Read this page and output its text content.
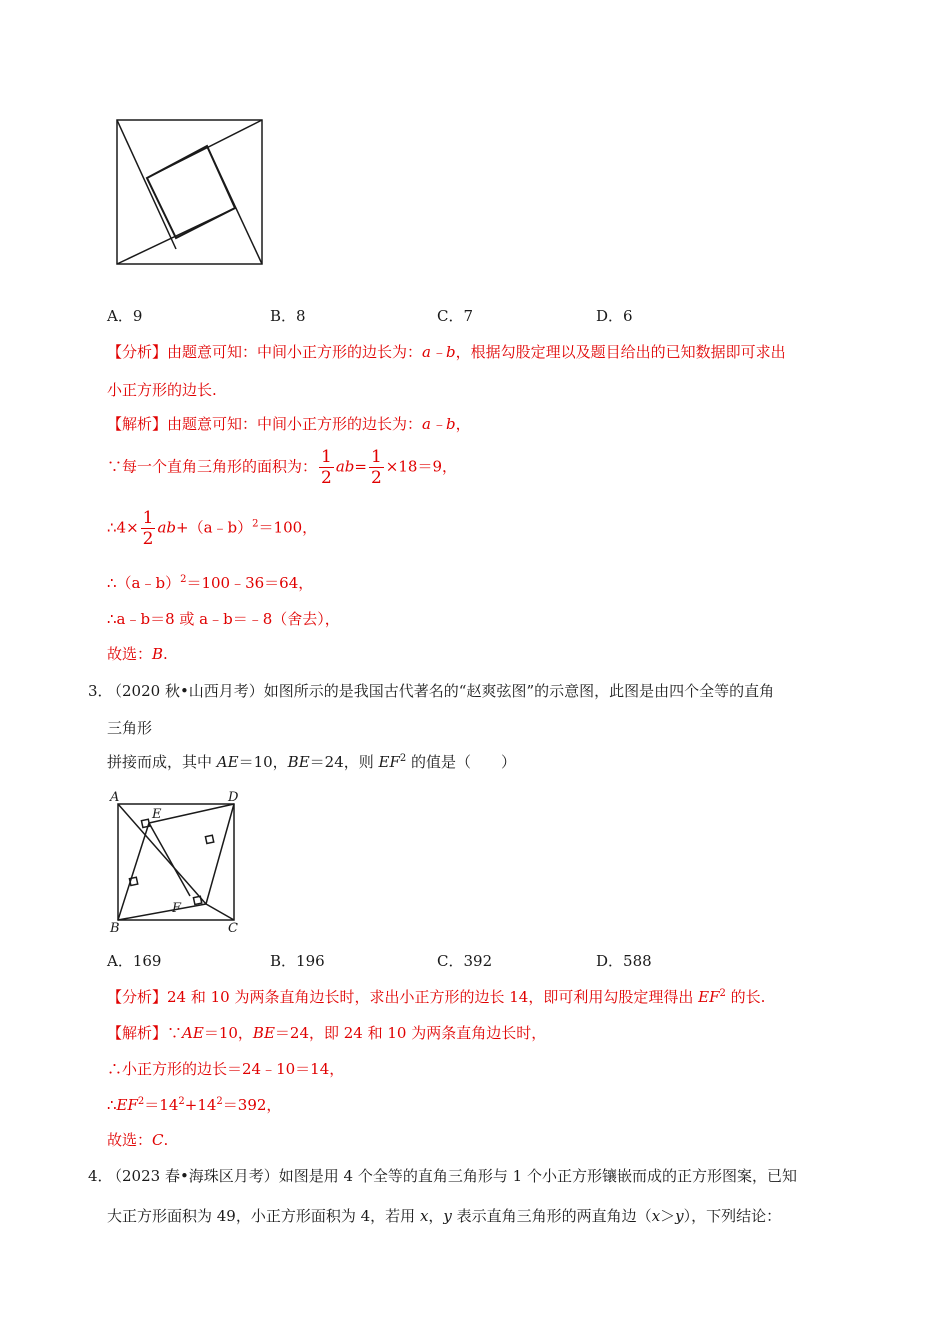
A．9	B．8	C．7	D．6
【分析】由题意可知：中间小正方形的边长为：a﹣b，根据勾股定理以及题目给出的已知数据即可求出
小正方形的边长.
【解析】由题意可知：中间小正方形的边长为：a﹣b，
∵每一个直角三角形的面积为： $\frac{1}{2} ab= \frac{1}{2} \times 18=9$，
∴4× $\frac{1}{2}$ ab+（a﹣b）$^2$＝100，
∴（a﹣b）$^2$＝100﹣36＝64，
∴a﹣b＝8 或 a﹣b＝﹣8（舍去），
故选：B.
3．
（2020 秋•山西月考）如图所示的是我国古代著名的“赵爽弦图”的示意图，此图是由四个全等的直角
三角形
拼接而成，其中 AE＝10，BE＝24，则 $EF^2$ 的值是（　　）
A	D
E
F
B	C
A．169	B．196	C．392	D．588
【分析】24 和 10 为两条直角边长时，求出小正方形的边长 14，即可利用勾股定理得出 $EF^2$ 的长.
【解析】∵AE＝10，BE＝24，即 24 和 10 为两条直角边长时，
∴小正方形的边长＝24﹣10＝14，
$\therefore EF^2=14^2+14^2=392$，
故选：C.
4．
（2023 春•海珠区月考）如图是用 4 个全等的直角三角形与 1 个小正方形镶嵌而成的正方形图案，已知
大正方形面积为 49，小正方形面积为 4，若用 x，y 表示直角三角形的两直角边（x＞y），下列结论：
